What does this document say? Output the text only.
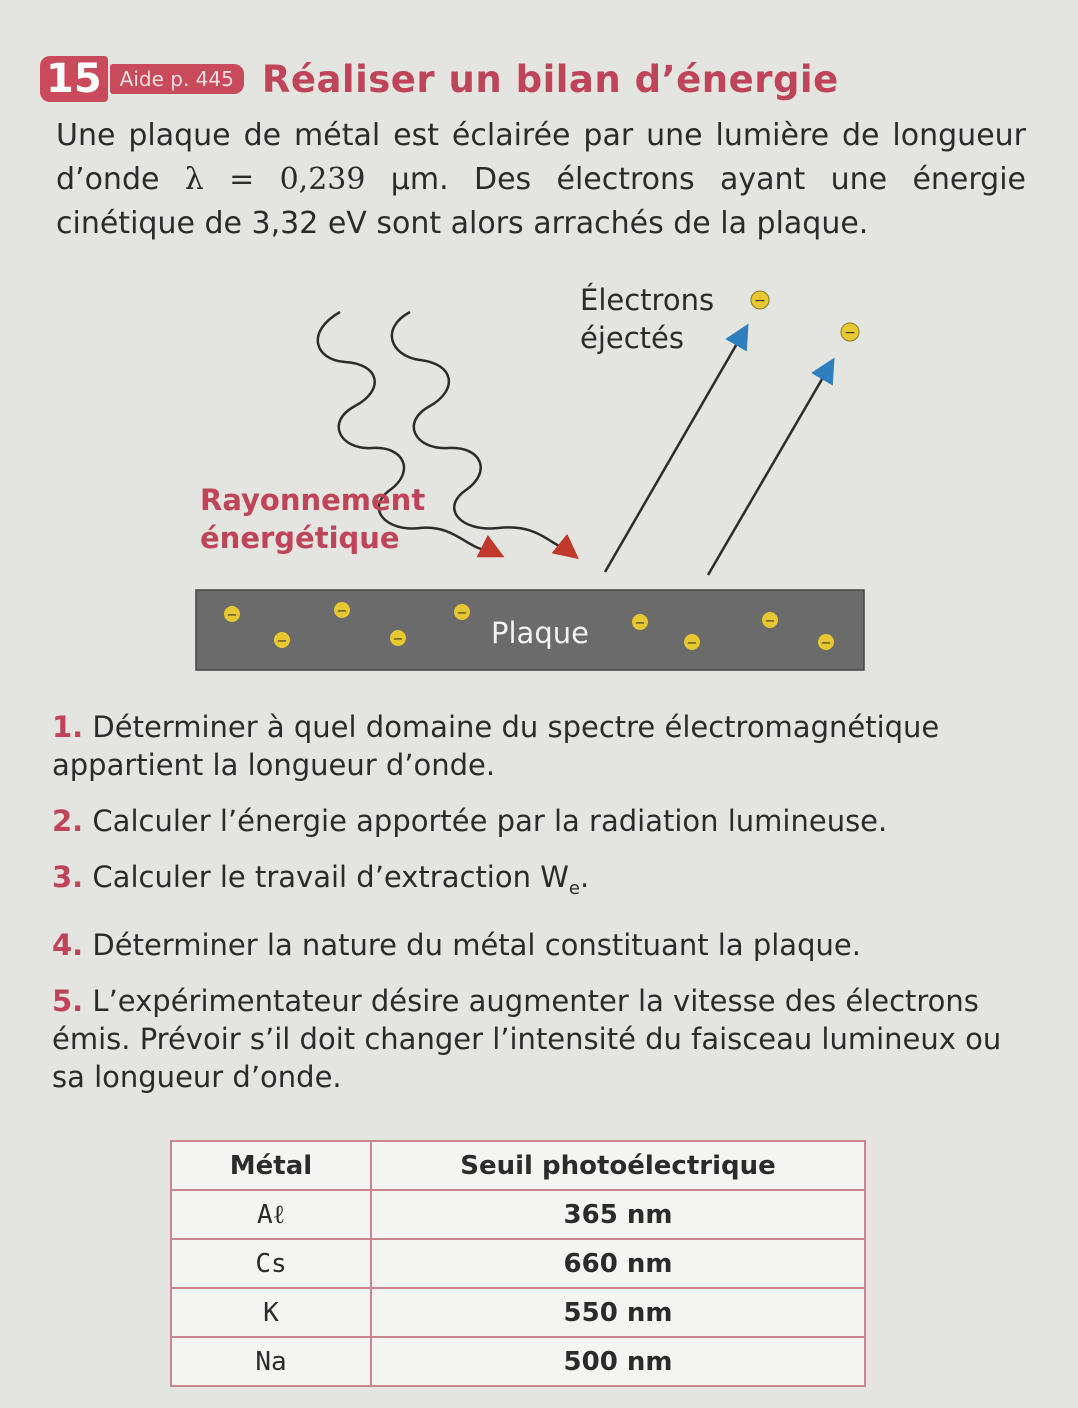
15 Aide p. 445 Réaliser un bilan d’énergie

Une plaque de métal est éclairée par une lumière de longueur d’onde λ = 0,239 µm. Des électrons ayant une énergie cinétique de 3,32 eV sont alors arrachés de la plaque.

−
−
Électrons
éjectés
Rayonnement
énergétique
Plaque
−
−
−
−
−
−
−
−
−
1. Déterminer à quel domaine du spectre électromagnétique appartient la longueur d’onde.
2. Calculer l’énergie apportée par la radiation lumineuse.
3. Calculer le travail d’extraction $W_e$.
4. Déterminer la nature du métal constituant la plaque.
5. L’expérimentateur désire augmenter la vitesse des électrons émis. Prévoir s’il doit changer l’intensité du faisceau lumineux ou sa longueur d’onde.
Métal	Seuil photoélectrique
Aℓ	365 nm
Cs	660 nm
K	550 nm
Na	500 nm
